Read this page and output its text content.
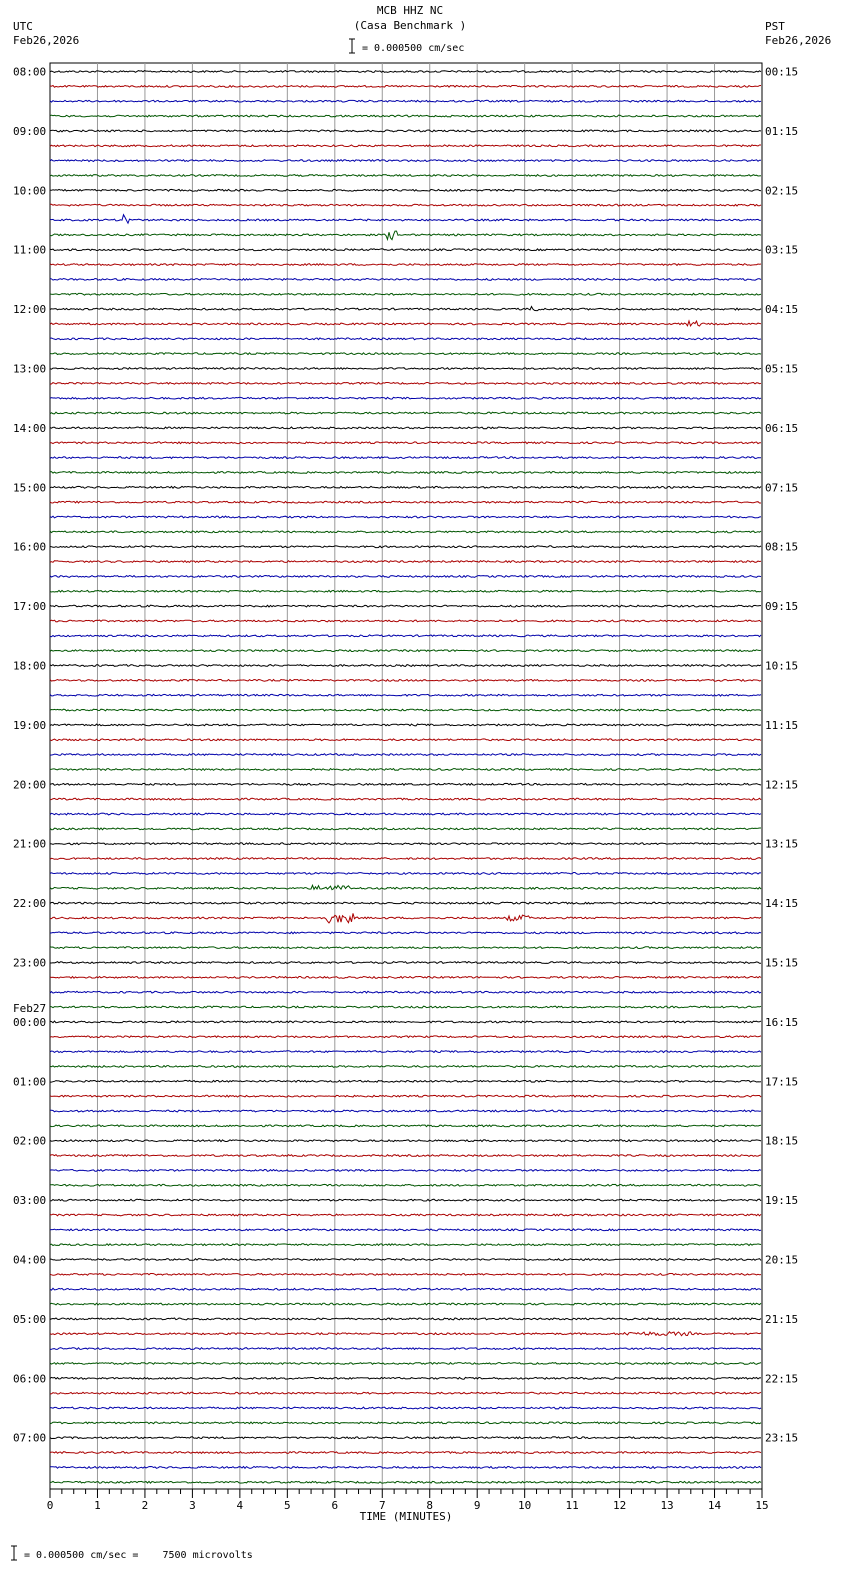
MCB HHZ NC
(Casa Benchmark )
= 0.000500 cm/sec
UTC
Feb26,2026
PST
Feb26,2026
= 0.000500 cm/sec =    7500 microvolts
08:00
09:00
10:00
11:00
12:00
13:00
14:00
15:00
16:00
17:00
18:00
19:00
20:00
21:00
22:00
23:00
00:00
Feb27
01:00
02:00
03:00
04:00
05:00
06:00
07:00
00:15
01:15
02:15
03:15
04:15
05:15
06:15
07:15
08:15
09:15
10:15
11:15
12:15
13:15
14:15
15:15
16:15
17:15
18:15
19:15
20:15
21:15
22:15
23:15
0	1	2	3	4	5	6	7	8	9	10	11	12	13	14	15
TIME (MINUTES)
